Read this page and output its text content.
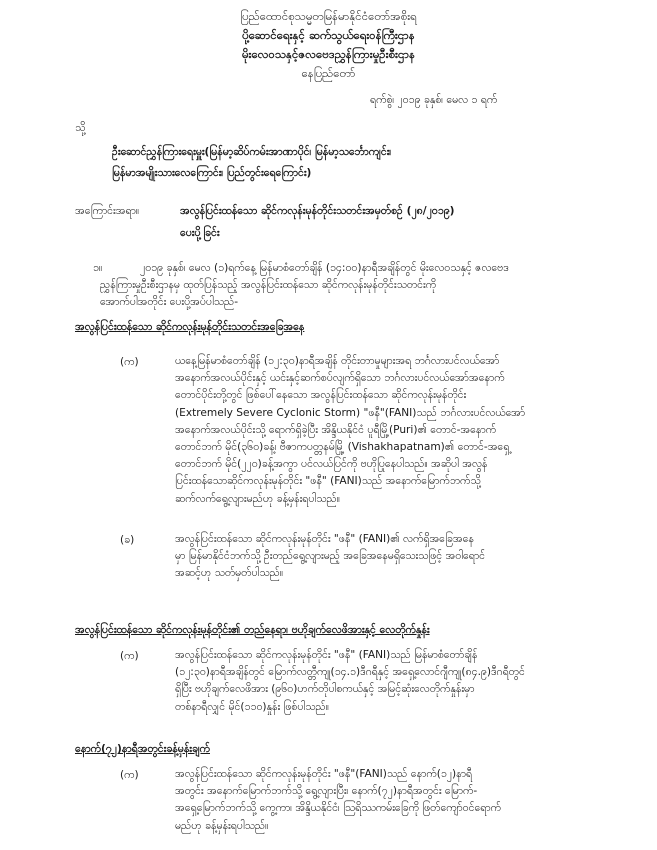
ပြည်ထောင်စုသမ္မတမြန်မာနိုင်ငံတော်အစိုးရ
ပို့ဆောင်ရေးနှင့် ဆက်သွယ်ရေးဝန်ကြီးဌာန
မိုးလေဝသနှင့်ဇလဗေဒညွှန်ကြားမှုဦးစီးဌာန
နေပြည်တော်
ရက်စွဲ၊ ၂၀၁၉ ခုနှစ်၊ မေလ ၁ ရက်
သို့
ဦးဆောင်ညွှန်ကြားရေးမှူး(မြန်မာ့ဆိပ်ကမ်းအာဏာပိုင်၊ မြန်မာ့သင်္ဘောကျင်း၊
မြန်မာအမျိုးသားလေကြောင်း၊ ပြည်တွင်းရေကြောင်း)
အကြောင်းအရာ။	အလွန်ပြင်းထန်သော ဆိုင်ကလုန်းမုန်တိုင်းသတင်းအမှတ်စဉ် (၂၈/၂၀၁၉)
ပေးပို့ခြင်း
၁။	၂၀၁၉ ခုနှစ်၊ မေလ (၁)ရက်နေ့ မြန်မာစံတော်ချိန် (၁၄:၀၀)နာရီအချိန်တွင် မိုးလေဝသနှင့် ဇလဗေဒ
ညွှန်ကြားမှုဦးစီးဌာနမှ ထုတ်ပြန်သည့် အလွန်ပြင်းထန်သော ဆိုင်ကလုန်းမုန်တိုင်းသတင်းကို
အောက်ပါအတိုင်း ပေးပို့အပ်ပါသည်-
အလွန်ပြင်းထန်သော ဆိုင်ကလုန်းမုန်တိုင်းသတင်းအခြေအနေ
(က)	ယနေ့မြန်မာစံတော်ချိန် (၁၂:၃၀)နာရီအချိန် တိုင်းတာမှုများအရ ဘင်္ဂလားပင်လယ်အော်
အနောက်အလယ်ပိုင်းနှင့် ယင်းနှင့်ဆက်စပ်လျက်ရှိသော ဘင်္ဂလားပင်လယ်အော်အနောက်
တောင်ပိုင်းတို့တွင် ဖြစ်ပေါ်နေသော အလွန်ပြင်းထန်သော ဆိုင်ကလုန်းမုန်တိုင်း
(Extremely Severe Cyclonic Storm) "ဖနီ"(FANI)သည် ဘင်္ဂလားပင်လယ်အော်
အနောက်အလယ်ပိုင်းသို့ ရောက်ရှိခဲ့ပြီး အိန္ဒိယနိုင်ငံ ပူရီမြို့(Puri)၏ တောင်-အနောက်
တောင်ဘက် မိုင်(၃၆၀)ခန့်၊ ဗီဇာကပတ္တနမ်မြို့ (Vishakhapatnam)၏ တောင်-အရှေ့
တောင်ဘက် မိုင်(၂၂၀)ခန့်အကွာ ပင်လယ်ပြင်ကို ဗဟိုပြုနေပါသည်။ အဆိုပါ အလွန်
ပြင်းထန်သောဆိုင်ကလုန်းမုန်တိုင်း "ဖနီ" (FANI)သည် အနောက်မြောက်ဘက်သို့
ဆက်လက်ရွေ့လျားမည်ဟု ခန့်မှန်းရပါသည်။
(ခ)	အလွန်ပြင်းထန်သော ဆိုင်ကလုန်းမုန်တိုင်း "ဖနီ" (FANI)၏ လက်ရှိအခြေအနေ
မှာ မြန်မာနိုင်ငံဘက်သို့ ဦးတည်ရွေ့လျားမည့် အခြေအနေမရှိသေးသဖြင့် အဝါရောင်
အဆင့်ဟု သတ်မှတ်ပါသည်။
အလွန်ပြင်းထန်သော ဆိုင်ကလုန်းမုန်တိုင်း၏ တည်နေရာ၊ ဗဟိုချက်လေဖိအားနှင့် လေတိုက်နှုန်း
(က)	အလွန်ပြင်းထန်သော ဆိုင်ကလုန်းမုန်တိုင်း "ဖနီ" (FANI)သည် မြန်မာစံတော်ချိန်
(၁၂:၃၀)နာရီအချိန်တွင် မြောက်လတ္တီကျု(၁၄.၁)ဒီဂရီနှင့် အရှေ့လောင်ဂျီကျု(၈၄.၉)ဒီဂရီတွင်
ရှိပြီး ဗဟိုချက်လေဖိအား (၉၆၀)ဟက်တိုပါစကယ်နှင့် အမြင့်ဆုံးလေတိုက်နှုန်းမှာ
တစ်နာရီလျှင် မိုင်(၁၁၀)နှုန်း ဖြစ်ပါသည်။
နောက်(၇၂)နာရီအတွင်းခန့်မှန်းချက်
(က)	အလွန်ပြင်းထန်သော ဆိုင်ကလုန်းမုန်တိုင်း "ဖနီ"(FANI)သည် နောက်(၁၂)နာရီ
အတွင်း အနောက်မြောက်ဘက်သို့ ရွေ့လျားပြီး၊ နောက်(၇၂)နာရီအတွင်း မြောက်-
အရှေ့မြောက်ဘက်သို့ ကွေ့ကာ၊ အိန္ဒိယနိုင်ငံ၊ ဩရိဿကမ်းခြေကို ဖြတ်ကျော်ဝင်ရောက်
မည်ဟု ခန့်မှန်းရပါသည်။
